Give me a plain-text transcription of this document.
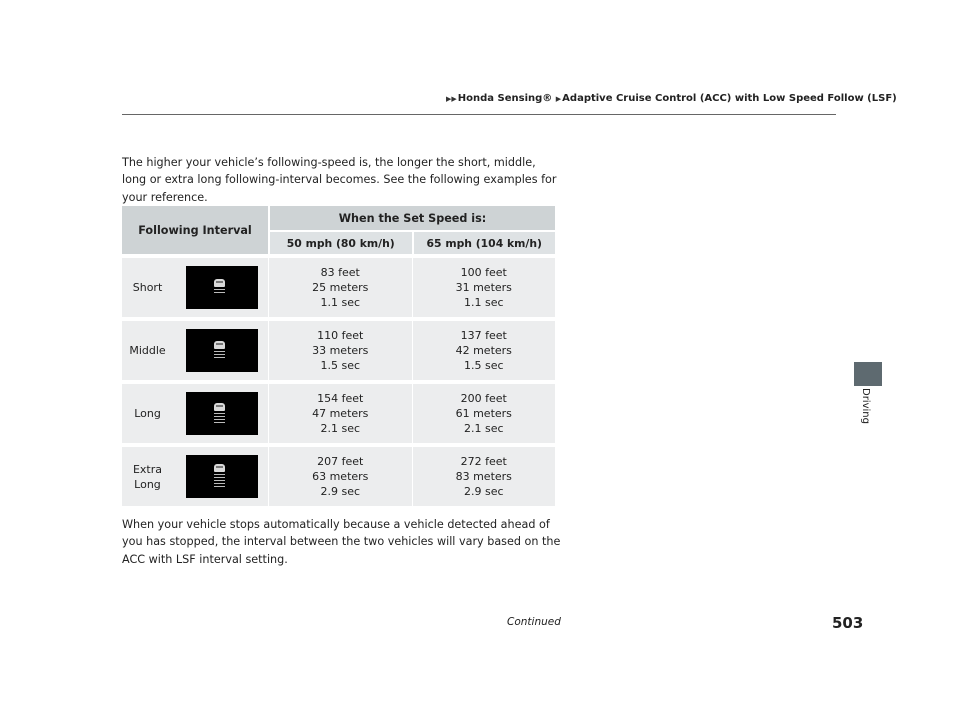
▶▶Honda Sensing® ▶Adaptive Cruise Control (ACC) with Low Speed Follow (LSF)
Driving
The higher your vehicle’s following-speed is, the longer the short, middle, long or extra long following-interval becomes. See the following examples for your reference.
Following Interval
When the Set Speed is:
50 mph (80 km/h)	65 mph (104 km/h)
Short
83 feet
25 meters
1.1 sec
100 feet
31 meters
1.1 sec
Middle
110 feet
33 meters
1.5 sec
137 feet
42 meters
1.5 sec
Long
154 feet
47 meters
2.1 sec
200 feet
61 meters
2.1 sec
Extra
Long
207 feet
63 meters
2.9 sec
272 feet
83 meters
2.9 sec
When your vehicle stops automatically because a vehicle detected ahead of you has stopped, the interval between the two vehicles will vary based on the ACC with LSF interval setting.
Continued	503
